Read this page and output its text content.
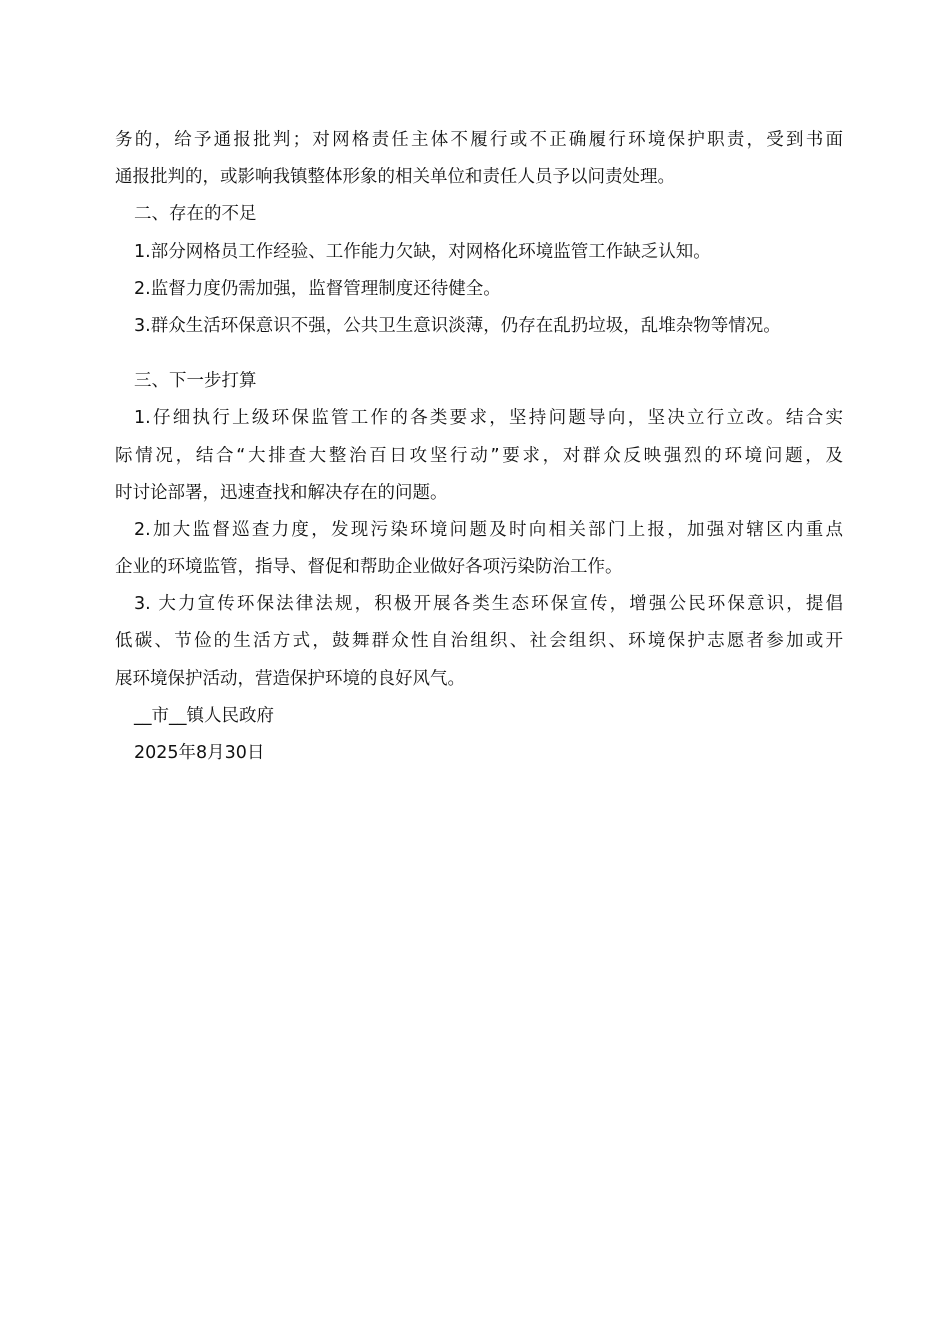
务的，给予通报批判；对网格责任主体不履行或不正确履行环境保护职责，受到书面

通报批判的，或影响我镇整体形象的相关单位和责任人员予以问责处理。

二、存在的不足

1.部分网格员工作经验、工作能力欠缺，对网格化环境监管工作缺乏认知。

2.监督力度仍需加强，监督管理制度还待健全。

3.群众生活环保意识不强，公共卫生意识淡薄，仍存在乱扔垃圾，乱堆杂物等情况。

三、下一步打算

1.仔细执行上级环保监管工作的各类要求，坚持问题导向，坚决立行立改。结合实

际情况，结合“大排查大整治百日攻坚行动”要求，对群众反映强烈的环境问题，及

时讨论部署，迅速查找和解决存在的问题。

2.加大监督巡查力度，发现污染环境问题及时向相关部门上报，加强对辖区内重点

企业的环境监管，指导、督促和帮助企业做好各项污染防治工作。

3. 大力宣传环保法律法规，积极开展各类生态环保宣传，增强公民环保意识，提倡

低碳、节俭的生活方式，鼓舞群众性自治组织、社会组织、环境保护志愿者参加或开

展环境保护活动，营造保护环境的良好风气。

__市__镇人民政府

2025年8月30日
